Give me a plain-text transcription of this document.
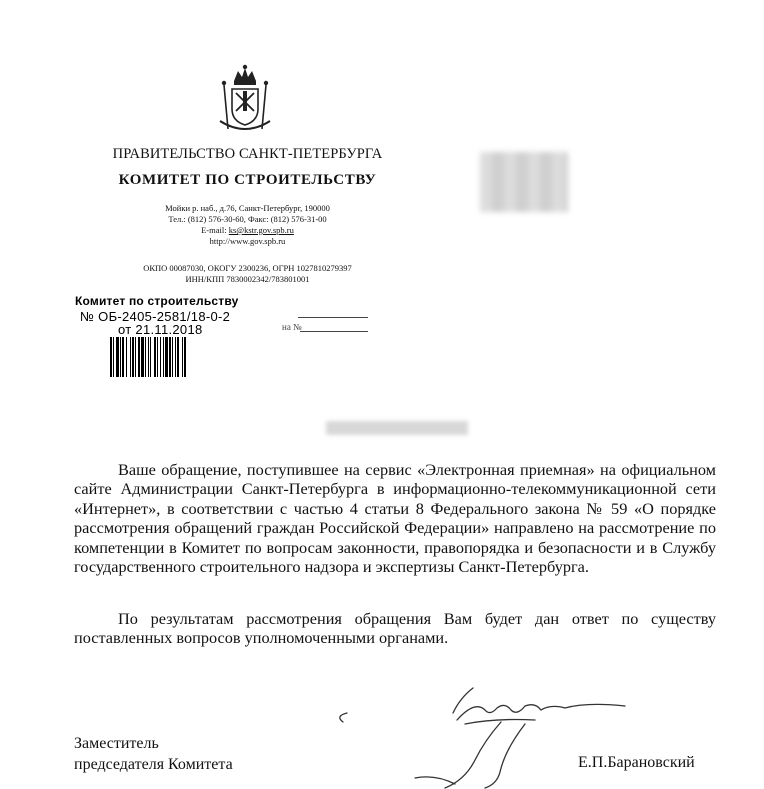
ПРАВИТЕЛЬСТВО САНКТ-ПЕТЕРБУРГА
КОМИТЕТ ПО СТРОИТЕЛЬСТВУ
Мойки р. наб., д.76, Санкт-Петербург, 190000
Тел.: (812) 576-30-60, Факс: (812) 576-31-00
E-mail: ks@kstr.gov.spb.ru
http://www.gov.spb.ru
ОКПО 00087030, ОКОГУ 2300236, ОГРН 1027810279397
ИНН/КПП 7830002342/783801001
Комитет по строительству
№ ОБ-2405-2581/18-0-2
от 21.11.2018	на №

Ваше обращение, поступившее на сервис «Электронная приемная» на официальном сайте Администрации Санкт-Петербурга в информационно-телекоммуникационной сети «Интернет», в соответствии с частью 4 статьи 8 Федерального закона № 59 «О порядке рассмотрения обращений граждан Российской Федерации» направлено на рассмотрение по компетенции в Комитет по вопросам законности, правопорядка и безопасности и в Службу государственного строительного надзора и экспертизы Санкт-Петербурга.

По результатам рассмотрения обращения Вам будет дан ответ по существу поставленных вопросов уполномоченными органами.

Заместитель
председателя Комитета	Е.П.Барановский
